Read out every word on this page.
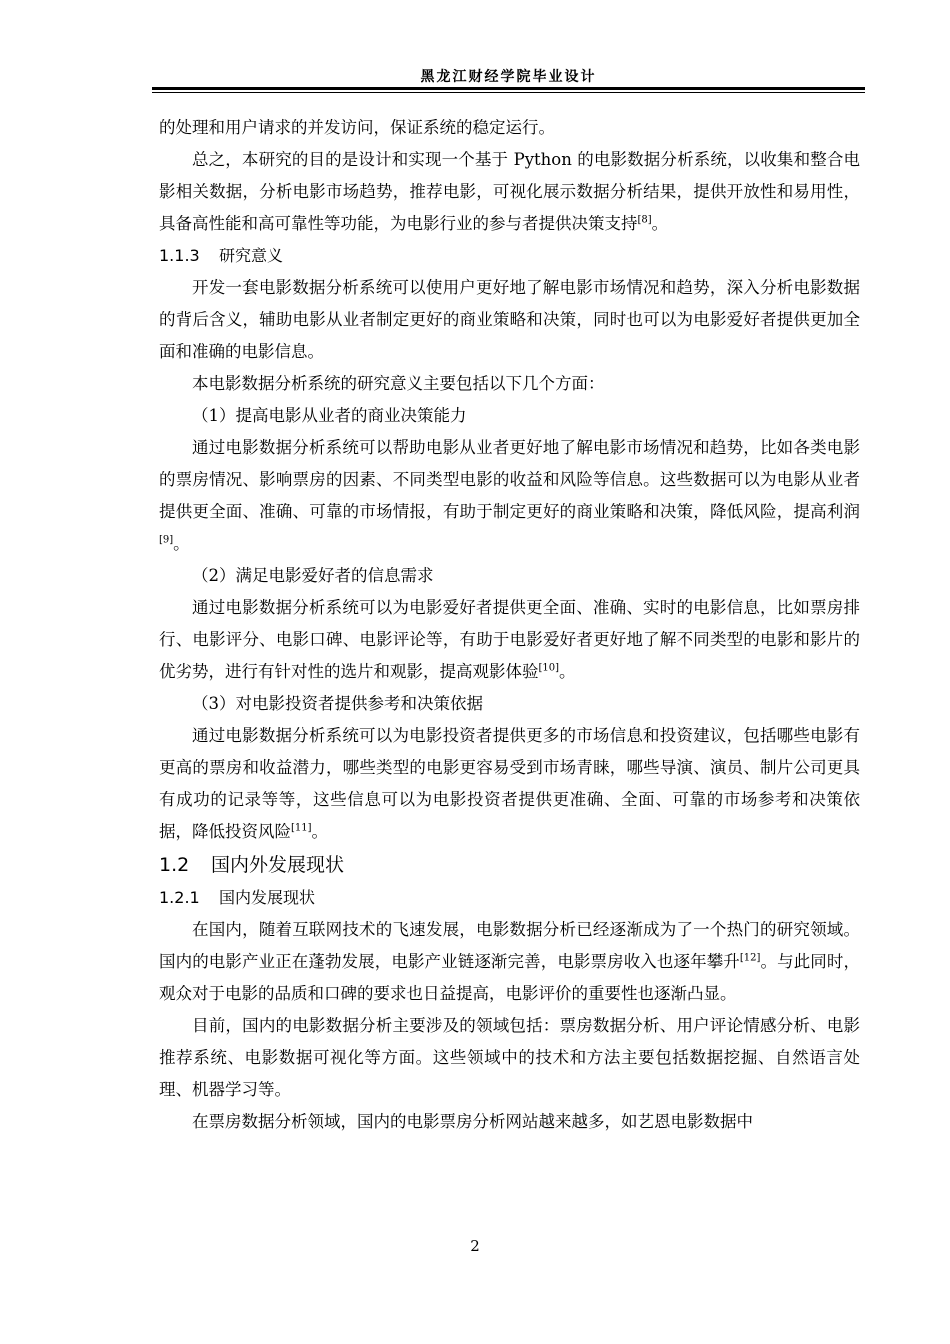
黑龙江财经学院毕业设计

的处理和用户请求的并发访问，保证系统的稳定运行。

总之，本研究的目的是设计和实现一个基于 Python 的电影数据分析系统，以收集和整合电影相关数据，分析电影市场趋势，推荐电影，可视化展示数据分析结果，提供开放性和易用性，具备高性能和高可靠性等功能，为电影行业的参与者提供决策支持[8]。

1.1.3 研究意义

开发一套电影数据分析系统可以使用户更好地了解电影市场情况和趋势，深入分析电影数据的背后含义，辅助电影从业者制定更好的商业策略和决策，同时也可以为电影爱好者提供更加全面和准确的电影信息。

本电影数据分析系统的研究意义主要包括以下几个方面：

（1）提高电影从业者的商业决策能力

通过电影数据分析系统可以帮助电影从业者更好地了解电影市场情况和趋势，比如各类电影的票房情况、影响票房的因素、不同类型电影的收益和风险等信息。这些数据可以为电影从业者提供更全面、准确、可靠的市场情报，有助于制定更好的商业策略和决策，降低风险，提高利润[9]。

（2）满足电影爱好者的信息需求

通过电影数据分析系统可以为电影爱好者提供更全面、准确、实时的电影信息，比如票房排行、电影评分、电影口碑、电影评论等，有助于电影爱好者更好地了解不同类型的电影和影片的优劣势，进行有针对性的选片和观影，提高观影体验[10]。

（3）对电影投资者提供参考和决策依据

通过电影数据分析系统可以为电影投资者提供更多的市场信息和投资建议，包括哪些电影有更高的票房和收益潜力，哪些类型的电影更容易受到市场青睐，哪些导演、演员、制片公司更具有成功的记录等等，这些信息可以为电影投资者提供更准确、全面、可靠的市场参考和决策依据，降低投资风险[11]。

1.2 国内外发展现状
1.2.1 国内发展现状

在国内，随着互联网技术的飞速发展，电影数据分析已经逐渐成为了一个热门的研究领域。国内的电影产业正在蓬勃发展，电影产业链逐渐完善，电影票房收入也逐年攀升[12]。与此同时，观众对于电影的品质和口碑的要求也日益提高，电影评价的重要性也逐渐凸显。

目前，国内的电影数据分析主要涉及的领域包括：票房数据分析、用户评论情感分析、电影推荐系统、电影数据可视化等方面。这些领域中的技术和方法主要包括数据挖掘、自然语言处理、机器学习等。

在票房数据分析领域，国内的电影票房分析网站越来越多，如艺恩电影数据中

2
